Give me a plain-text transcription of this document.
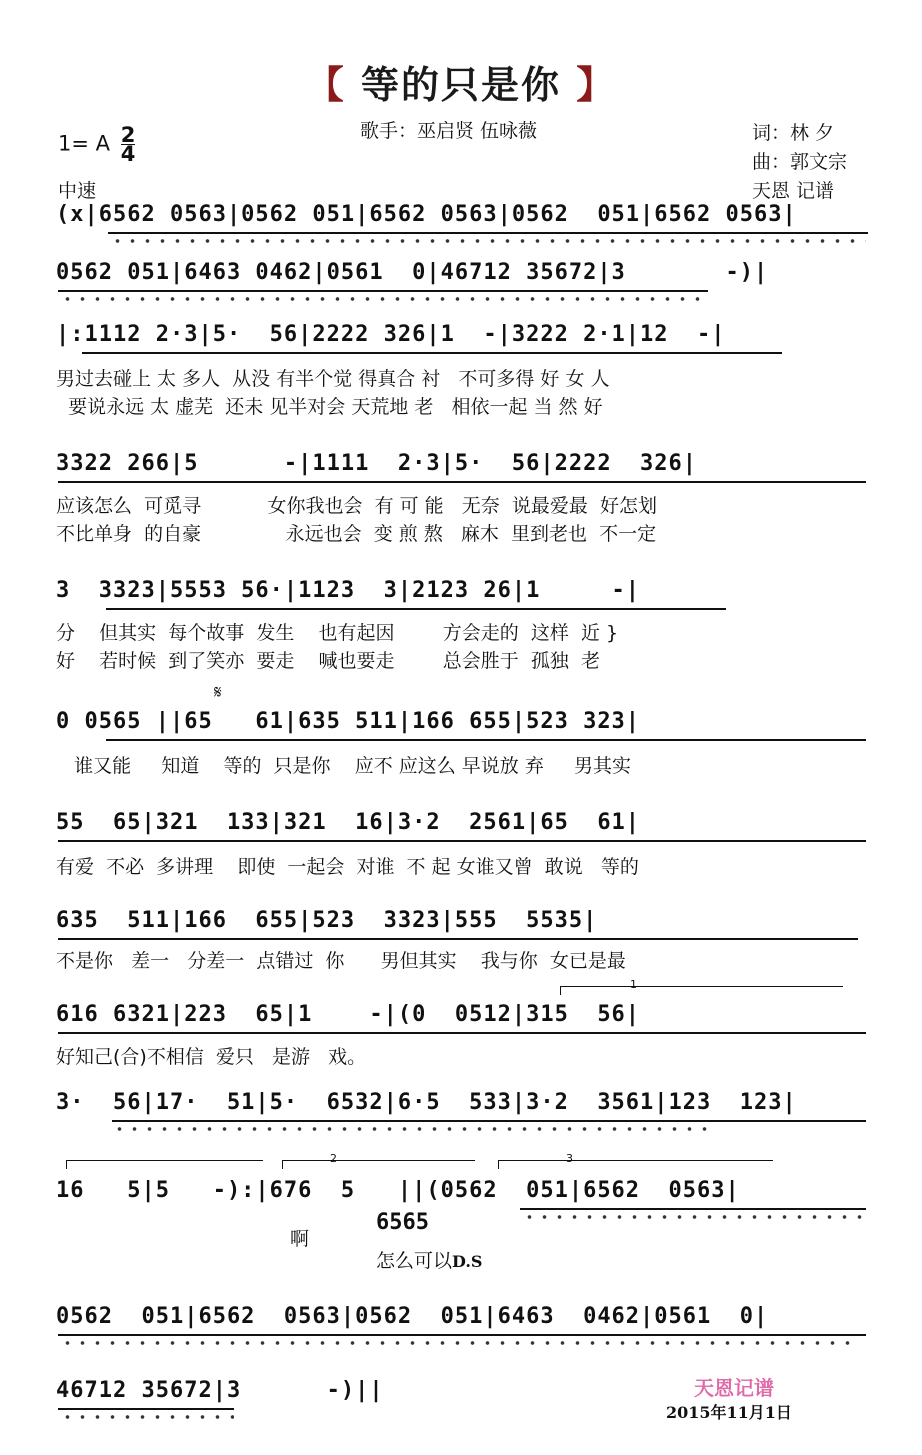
【 等的只是你 】
歌手：巫启贤 伍咏薇
1= A $\frac{2}{4}$
中速
词：林 夕
曲：郭文宗
天恩 记谱
(x|6562 0563|0562 051|6562 0563|0562  051|6562 0563|
0562 051|6463 0462|0561  0|46712 35672|3       -)|
|:1112 2·3|5·  56|2222 326|1  -|3222 2·1|12  -|
男过去碰上 太 多人  从没 有半个觉 得真合 衬   不可多得 好 女 人
要说永远 太 虚芜  还未 见半对会 天荒地 老   相依一起 当 然 好
3322 266|5      -|1111  2·3|5·  56|2222  326|
应该怎么  可觅寻           女你我也会  有 可 能   无奈  说最爱最  好怎划
不比单身  的自豪              永远也会  变 煎 熬   麻木  里到老也  不一定
3  3323|5553 56·|1123  3|2123 26|1     -|
分    但其实  每个故事  发生    也有起因        方会走的  这样  近 }
好    若时候  到了笑亦  要走    喊也要走        总会胜于  孤独  老
𝄋
0 0565 ||65   61|635 511|166 655|523 323|
谁又能     知道    等的  只是你    应不 应这么 早说放 弃     男其实
55  65|321  133|321  16|3·2  2561|65  61|
有爱  不必  多讲理    即使  一起会  对谁  不 起 女谁又曾  敢说   等的
635  511|166  655|523  3323|555  5535|
不是你   差一   分差一  点错过  你      男但其实    我与你  女已是最
1
616 6321|223  65|1    -|(0  0512|315  56|
好知己(合)不相信  爱只   是游   戏。
3·  56|17·  51|5·  6532|6·5  533|3·2  3561|123  123|
2	3
16   5|5   -):|676  5   ||(0562  051|6562  0563|
啊
6565
怎么可以D.S
0562  051|6562  0563|0562  051|6463  0462|0561  0|
46712 35672|3      -)||	天恩记谱
2015年11月1日
